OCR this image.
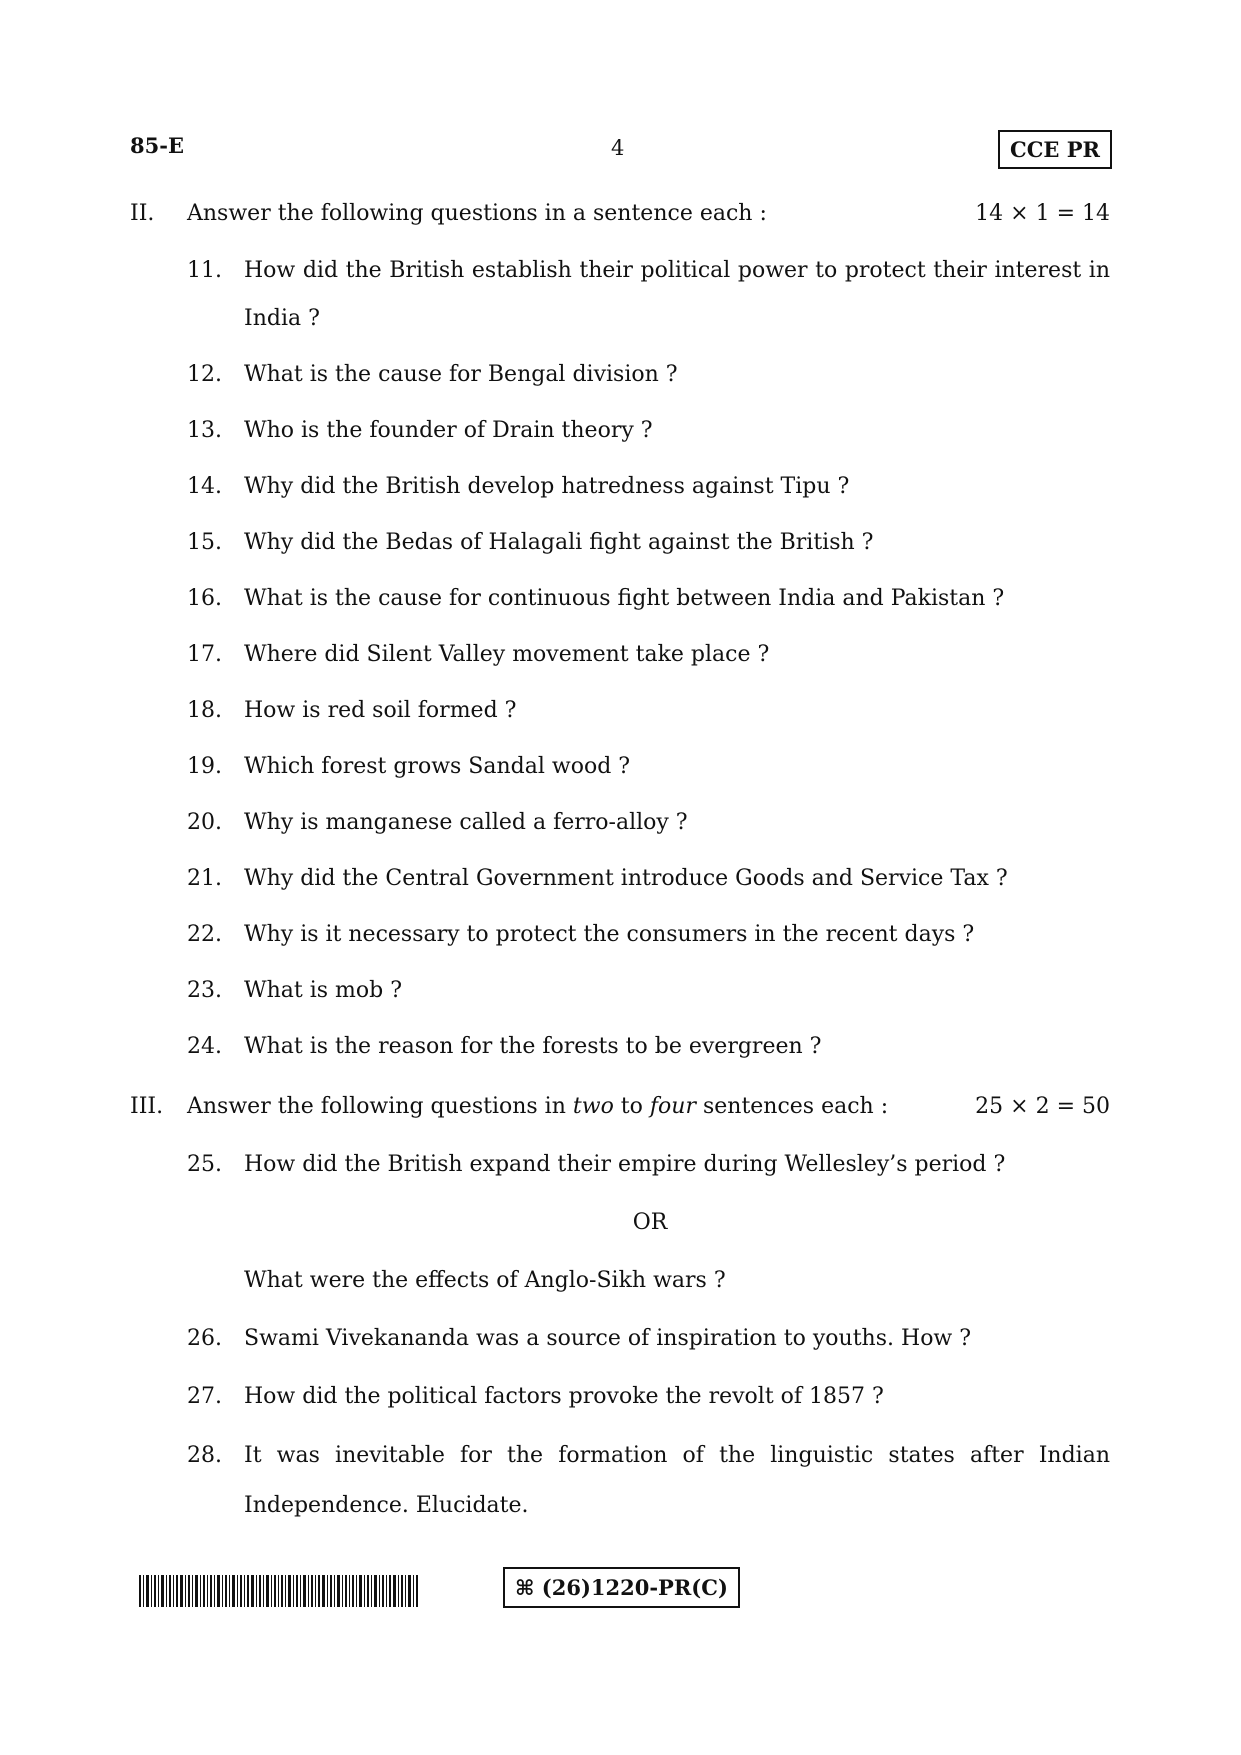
85-E	4	CCE PR
II. Answer the following questions in a sentence each :	14 × 1 = 14
11. How did the British establish their political power to protect their interest in
India ?
12. What is the cause for Bengal division ?
13. Who is the founder of Drain theory ?
14. Why did the British develop hatredness against Tipu ?
15. Why did the Bedas of Halagali fight against the British ?
16. What is the cause for continuous fight between India and Pakistan ?
17. Where did Silent Valley movement take place ?
18. How is red soil formed ?
19. Which forest grows Sandal wood ?
20. Why is manganese called a ferro-alloy ?
21. Why did the Central Government introduce Goods and Service Tax ?
22. Why is it necessary to protect the consumers in the recent days ?
23. What is mob ?
24. What is the reason for the forests to be evergreen ?
III. Answer the following questions in two to four sentences each :	25 × 2 = 50
25. How did the British expand their empire during Wellesley’s period ?
OR
What were the effects of Anglo-Sikh wars ?
26. Swami Vivekananda was a source of inspiration to youths. How ?
27. How did the political factors provoke the revolt of 1857 ?
28. It was inevitable for the formation of the linguistic states after Indian
Independence. Elucidate.
⌘ (26)1220-PR(C)
